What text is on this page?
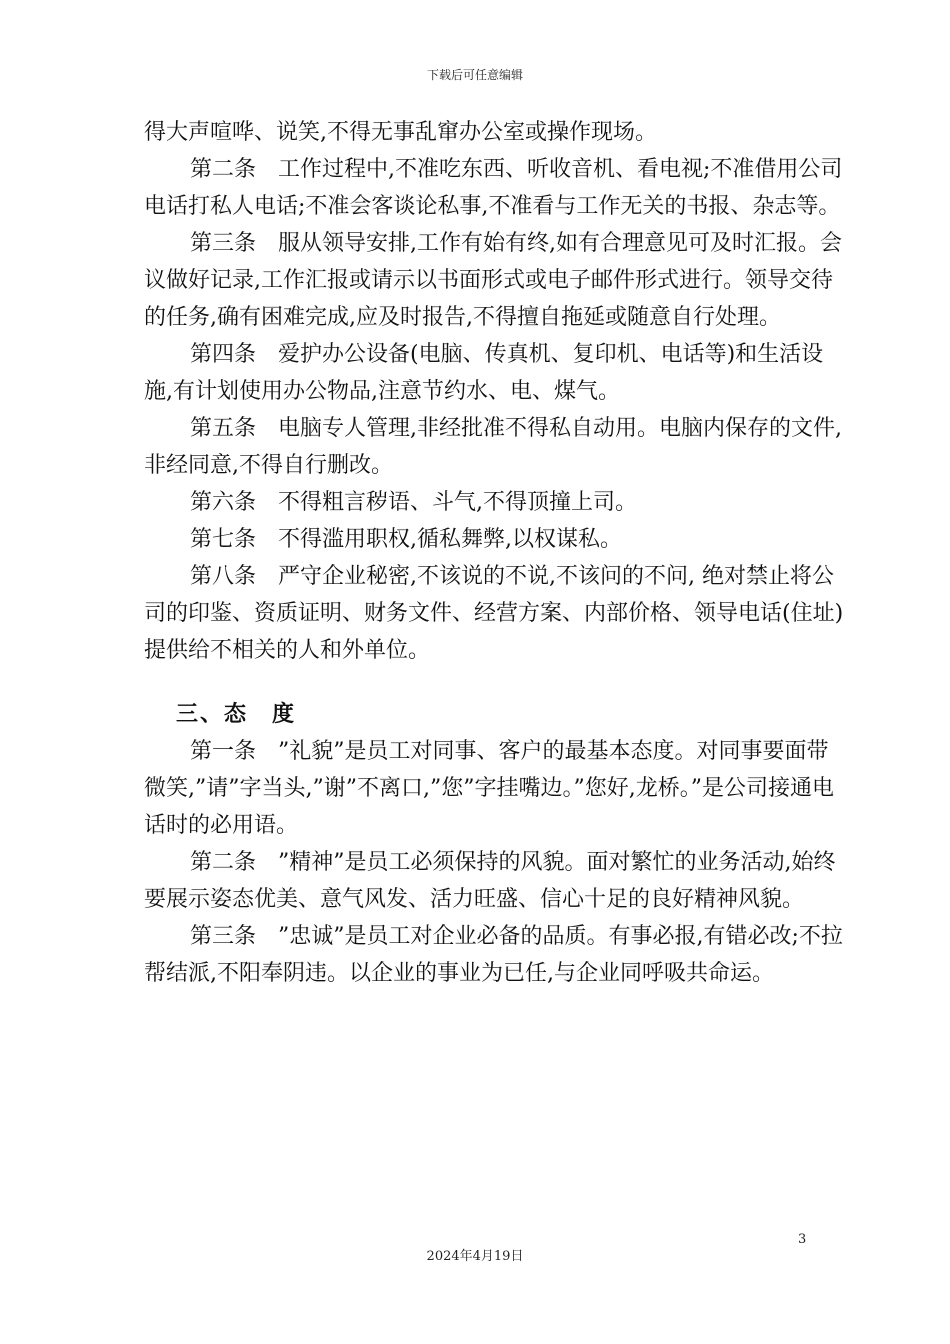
下载后可任意编辑

得大声喧哗、说笑,不得无事乱窜办公室或操作现场。

第二条　工作过程中,不准吃东西、听收音机、看电视;不准借用公司电话打私人电话;不准会客谈论私事,不准看与工作无关的书报、杂志等。

第三条　服从领导安排,工作有始有终,如有合理意见可及时汇报。会议做好记录,工作汇报或请示以书面形式或电子邮件形式进行。领导交待的任务,确有困难完成,应及时报告,不得擅自拖延或随意自行处理。

第四条　爱护办公设备(电脑、传真机、复印机、电话等)和生活设施,有计划使用办公物品,注意节约水、电、煤气。

第五条　电脑专人管理,非经批准不得私自动用。电脑内保存的文件,非经同意,不得自行删改。

第六条　不得粗言秽语、斗气,不得顶撞上司。

第七条　不得滥用职权,循私舞弊,以权谋私。

第八条　严守企业秘密,不该说的不说,不该问的不问, 绝对禁止将公司的印鉴、资质证明、财务文件、经营方案、内部价格、领导电话(住址)提供给不相关的人和外单位。

三、态　度

第一条　”礼貌”是员工对同事、客户的最基本态度。对同事要面带微笑,”请”字当头,”谢”不离口,”您”字挂嘴边。”您好,龙桥。”是公司接通电话时的必用语。

第二条　”精神”是员工必须保持的风貌。面对繁忙的业务活动,始终要展示姿态优美、意气风发、活力旺盛、信心十足的良好精神风貌。

第三条　”忠诚”是员工对企业必备的品质。有事必报,有错必改;不拉帮结派,不阳奉阴违。以企业的事业为已任,与企业同呼吸共命运。

3
2024年4月19日
